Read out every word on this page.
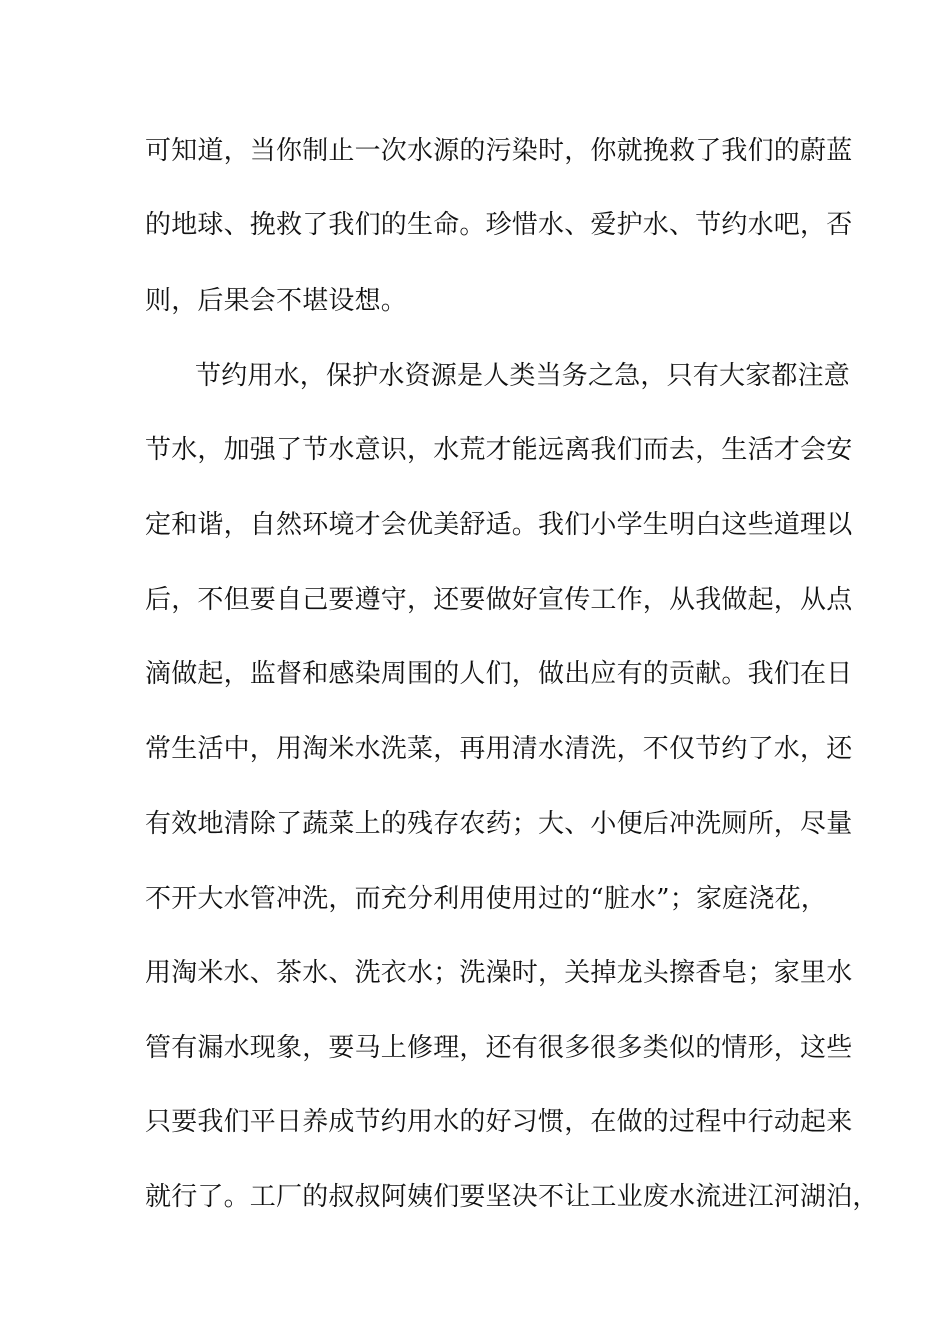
可知道，当你制止一次水源的污染时，你就挽救了我们的蔚蓝
的地球、挽救了我们的生命。珍惜水、爱护水、节约水吧，否
则，后果会不堪设想。
节约用水，保护水资源是人类当务之急，只有大家都注意
节水，加强了节水意识，水荒才能远离我们而去，生活才会安
定和谐，自然环境才会优美舒适。我们小学生明白这些道理以
后，不但要自己要遵守，还要做好宣传工作，从我做起，从点
滴做起，监督和感染周围的人们，做出应有的贡献。我们在日
常生活中，用淘米水洗菜，再用清水清洗，不仅节约了水，还
有效地清除了蔬菜上的残存农药；大、小便后冲洗厕所，尽量
不开大水管冲洗，而充分利用使用过的“脏水”；家庭浇花，
用淘米水、茶水、洗衣水；洗澡时，关掉龙头擦香皂；家里水
管有漏水现象，要马上修理，还有很多很多类似的情形，这些
只要我们平日养成节约用水的好习惯，在做的过程中行动起来
就行了。工厂的叔叔阿姨们要坚决不让工业废水流进江河湖泊，
